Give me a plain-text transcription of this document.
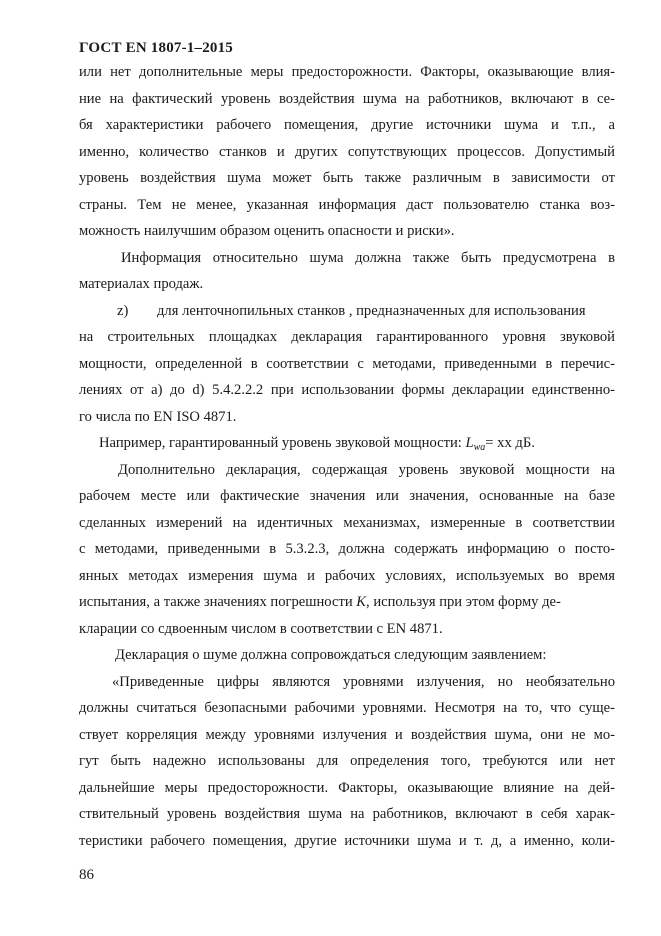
ГОСТ EN 1807-1–2015
или нет дополнительные меры предосторожности. Факторы, оказывающие влия-
ние на фактический уровень воздействия шума на работников, включают в се-
бя характеристики рабочего помещения, другие источники шума и т.п., а
именно, количество станков и других сопутствующих процессов. Допустимый
уровень воздействия шума может быть также различным в зависимости от
страны. Тем не менее, указанная информация даст пользователю станка воз-
можность наилучшим образом оценить опасности и риски».
Информация относительно шума должна также быть предусмотрена в
материалах продаж.
z) для ленточнопильных станков , предназначенных для использования
на строительных площадках декларация гарантированного уровня звуковой
мощности, определенной в соответствии с методами, приведенными в перечис-
лениях от а) до d) 5.4.2.2.2 при использовании формы декларации единственно-
го числа по EN ISO 4871.
Например, гарантированный уровень звуковой мощности: $L_{wa}=$ xx дБ.
Дополнительно декларация, содержащая уровень звуковой мощности на
рабочем месте или фактические значения или значения, основанные на базе
сделанных измерений на идентичных механизмах, измеренные в соответствии
с методами, приведенными в 5.3.2.3, должна содержать информацию о посто-
янных методах измерения шума и рабочих условиях, используемых во время
испытания, а также значениях погрешности K, используя при этом форму де-
кларации со сдвоенным числом в соответствии с EN 4871.
Декларация о шуме должна сопровождаться следующим заявлением:
«Приведенные цифры являются уровнями излучения, но необязательно
должны считаться безопасными рабочими уровнями. Несмотря на то, что суще-
ствует корреляция между уровнями излучения и воздействия шума, они не мо-
гут быть надежно использованы для определения того, требуются или нет
дальнейшие меры предосторожности. Факторы, оказывающие влияние на дей-
ствительный уровень воздействия шума на работников, включают в себя харак-
теристики рабочего помещения, другие источники шума и т. д, а именно, коли-
86
